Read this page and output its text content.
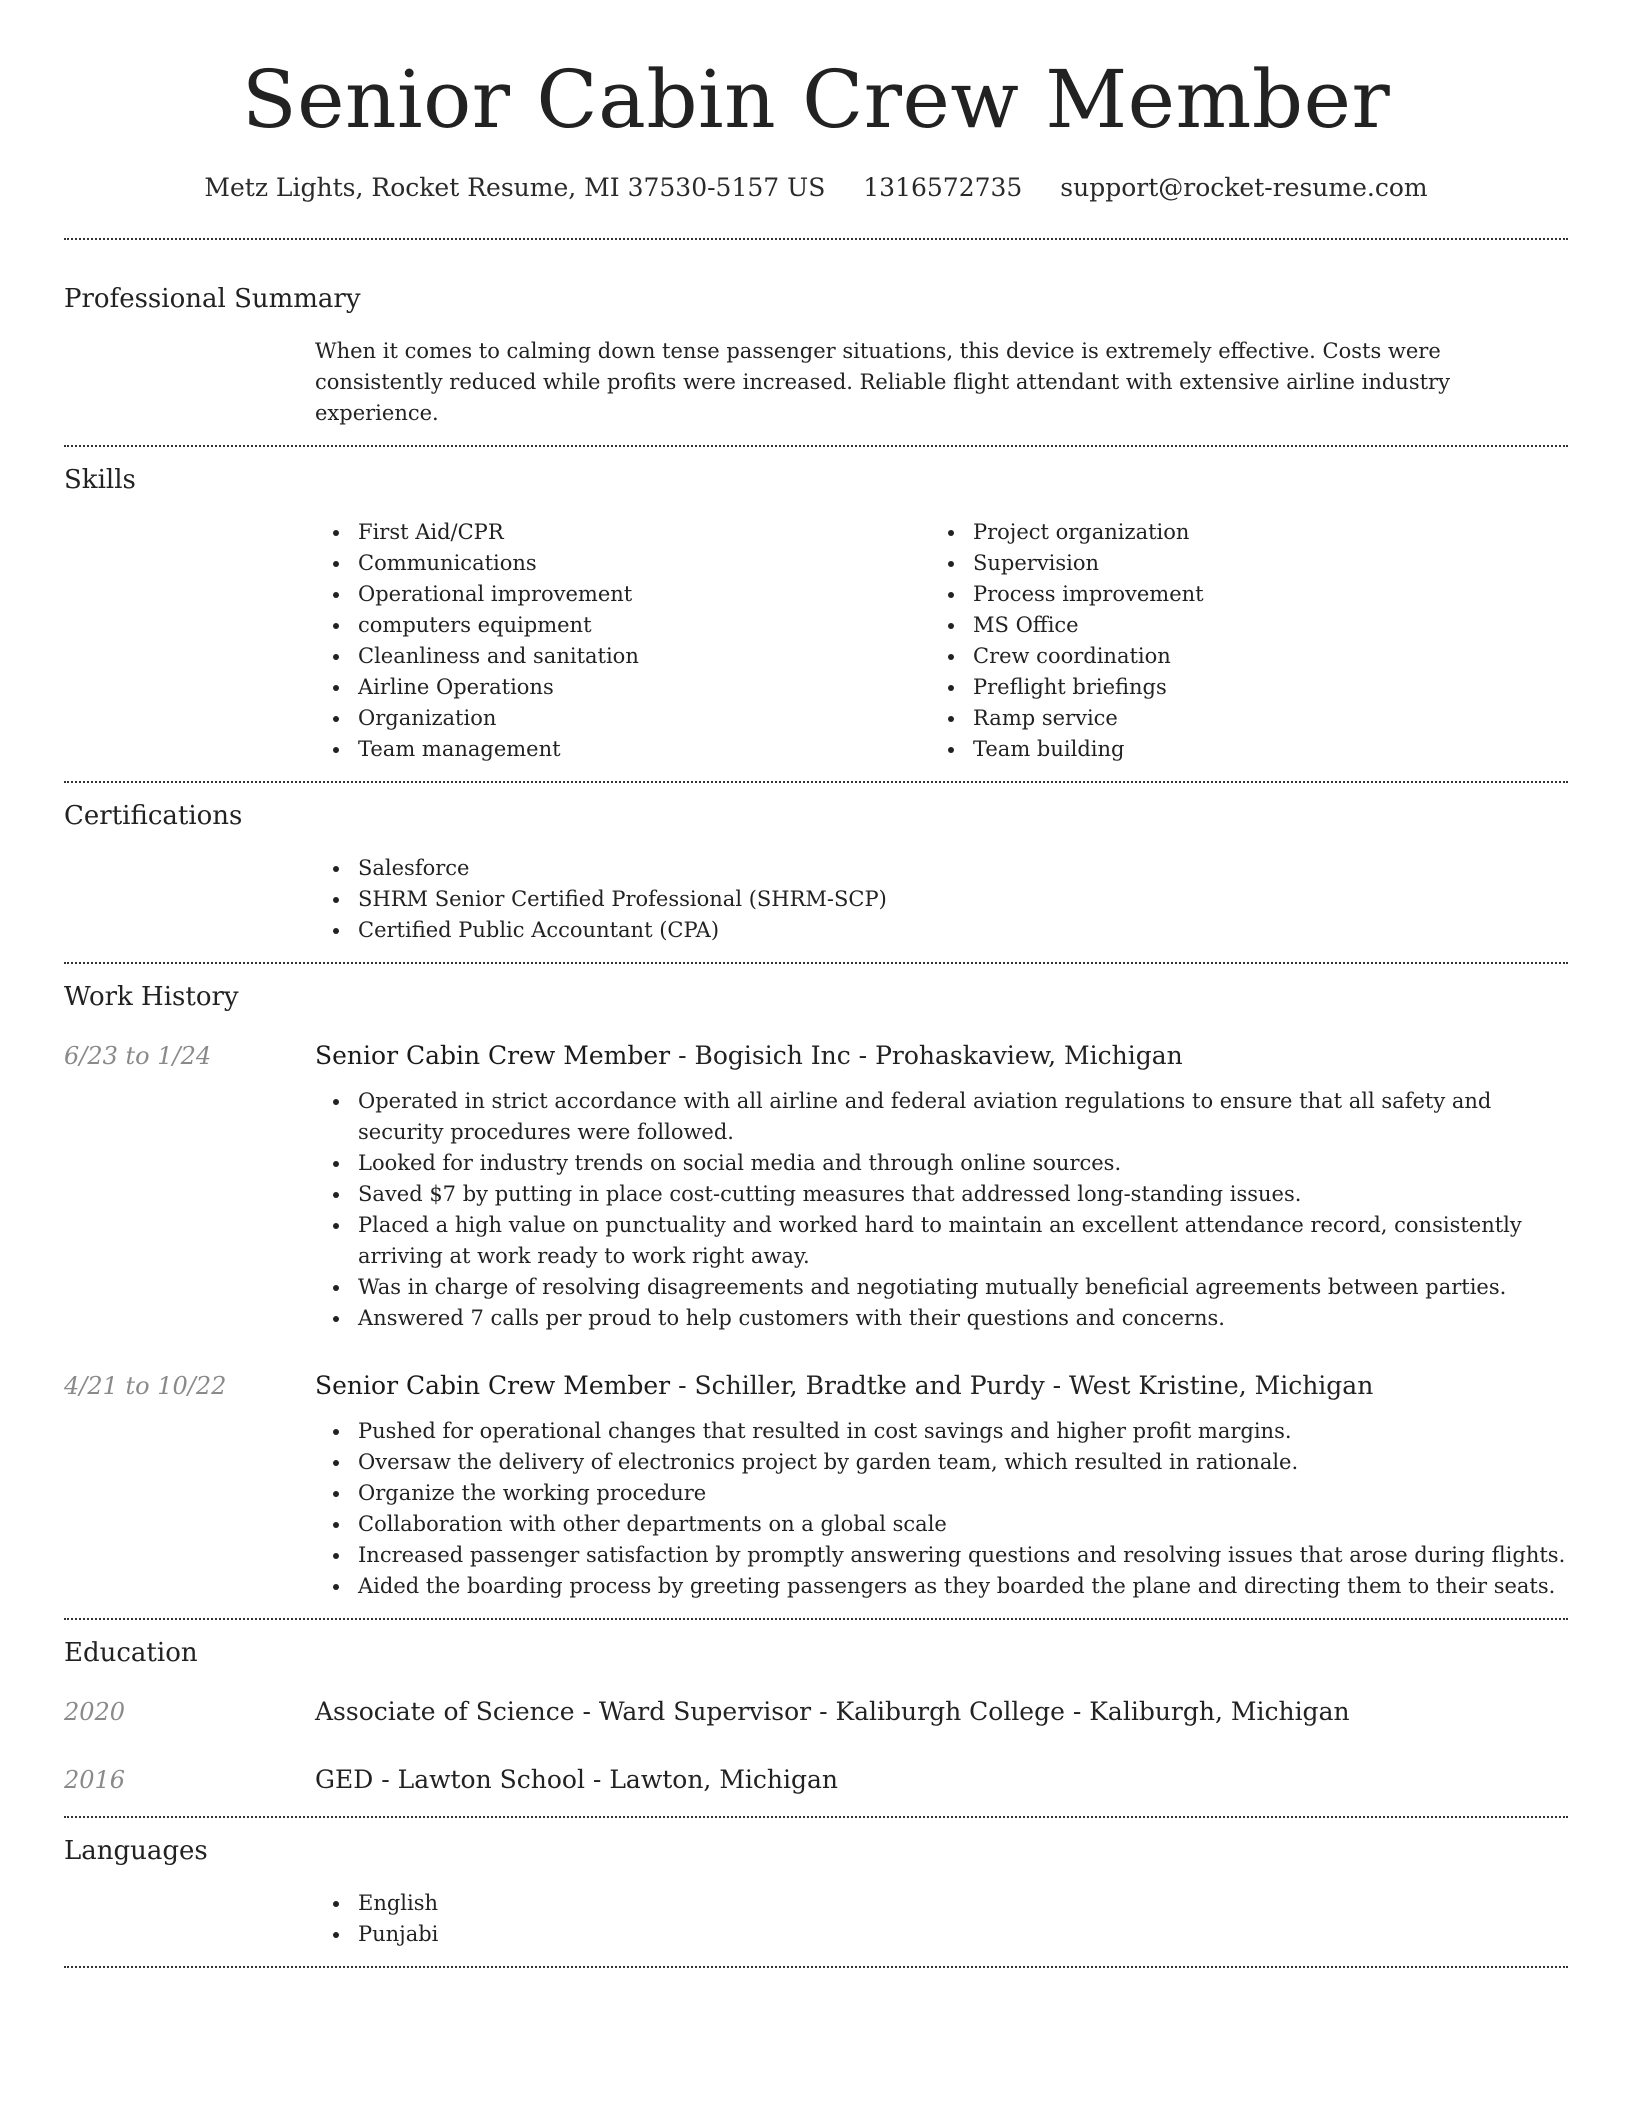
Senior Cabin Crew Member
Metz Lights, Rocket Resume, MI 37530-5157 US 1316572735 support@rocket-resume.com
Professional Summary
When it comes to calming down tense passenger situations, this device is extremely effective. Costs were consistently reduced while profits were increased. Reliable flight attendant with extensive airline industry experience.
Skills
First Aid/CPR
Communications
Operational improvement
computers equipment
Cleanliness and sanitation
Airline Operations
Organization
Team management
Project organization
Supervision
Process improvement
MS Office
Crew coordination
Preflight briefings
Ramp service
Team building
Certifications
Salesforce
SHRM Senior Certified Professional (SHRM-SCP)
Certified Public Accountant (CPA)
Work History
6/23 to 1/24	Senior Cabin Crew Member - Bogisich Inc - Prohaskaview, Michigan
Operated in strict accordance with all airline and federal aviation regulations to ensure that all safety and security procedures were followed.
Looked for industry trends on social media and through online sources.
Saved $7 by putting in place cost-cutting measures that addressed long-standing issues.
Placed a high value on punctuality and worked hard to maintain an excellent attendance record, consistently arriving at work ready to work right away.
Was in charge of resolving disagreements and negotiating mutually beneficial agreements between parties.
Answered 7 calls per proud to help customers with their questions and concerns.
4/21 to 10/22	Senior Cabin Crew Member - Schiller, Bradtke and Purdy - West Kristine, Michigan
Pushed for operational changes that resulted in cost savings and higher profit margins.
Oversaw the delivery of electronics project by garden team, which resulted in rationale.
Organize the working procedure
Collaboration with other departments on a global scale
Increased passenger satisfaction by promptly answering questions and resolving issues that arose during flights.
Aided the boarding process by greeting passengers as they boarded the plane and directing them to their seats.
Education
2020	Associate of Science - Ward Supervisor - Kaliburgh College - Kaliburgh, Michigan
2016	GED - Lawton School - Lawton, Michigan
Languages
English
Punjabi
